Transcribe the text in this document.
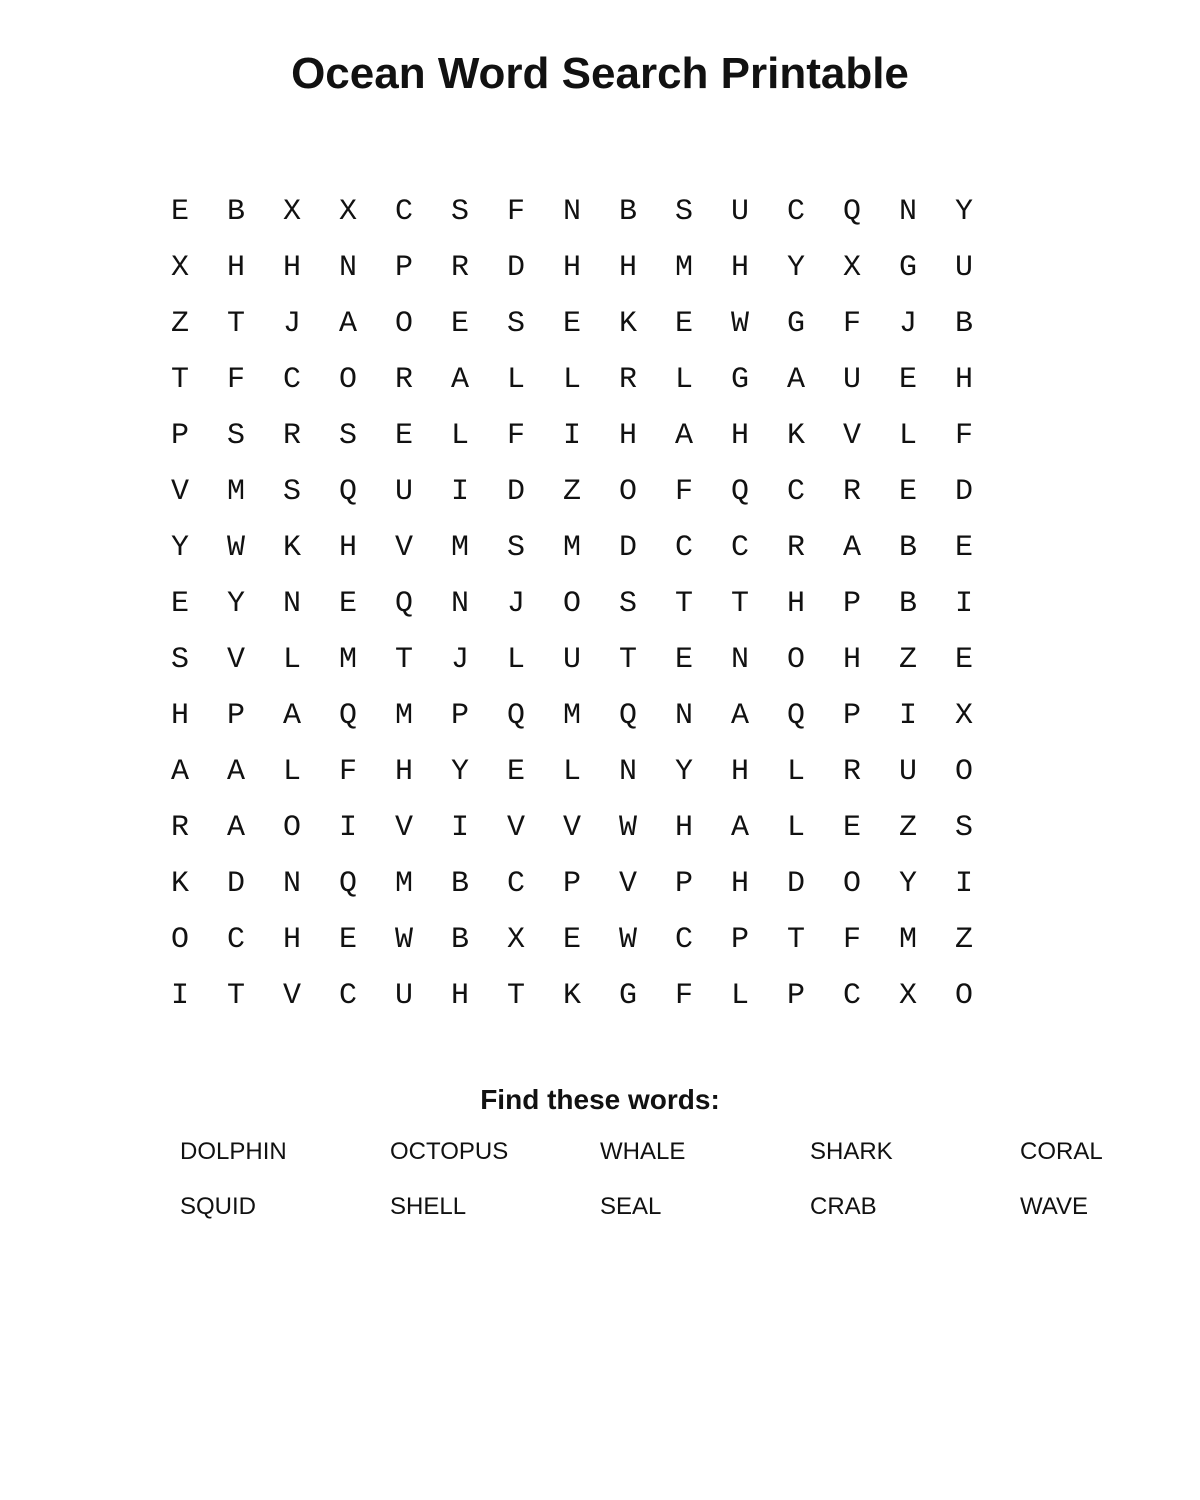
Ocean Word Search Printable
E	B	X	X	C	S	F	N	B	S	U	C	Q	N	Y
X	H	H	N	P	R	D	H	H	M	H	Y	X	G	U
Z	T	J	A	O	E	S	E	K	E	W	G	F	J	B
T	F	C	O	R	A	L	L	R	L	G	A	U	E	H
P	S	R	S	E	L	F	I	H	A	H	K	V	L	F
V	M	S	Q	U	I	D	Z	O	F	Q	C	R	E	D
Y	W	K	H	V	M	S	M	D	C	C	R	A	B	E
E	Y	N	E	Q	N	J	O	S	T	T	H	P	B	I
S	V	L	M	T	J	L	U	T	E	N	O	H	Z	E
H	P	A	Q	M	P	Q	M	Q	N	A	Q	P	I	X
A	A	L	F	H	Y	E	L	N	Y	H	L	R	U	O
R	A	O	I	V	I	V	V	W	H	A	L	E	Z	S
K	D	N	Q	M	B	C	P	V	P	H	D	O	Y	I
O	C	H	E	W	B	X	E	W	C	P	T	F	M	Z
I	T	V	C	U	H	T	K	G	F	L	P	C	X	O
Find these words:
DOLPHIN	OCTOPUS	WHALE	SHARK	CORAL
SQUID	SHELL	SEAL	CRAB	WAVE
